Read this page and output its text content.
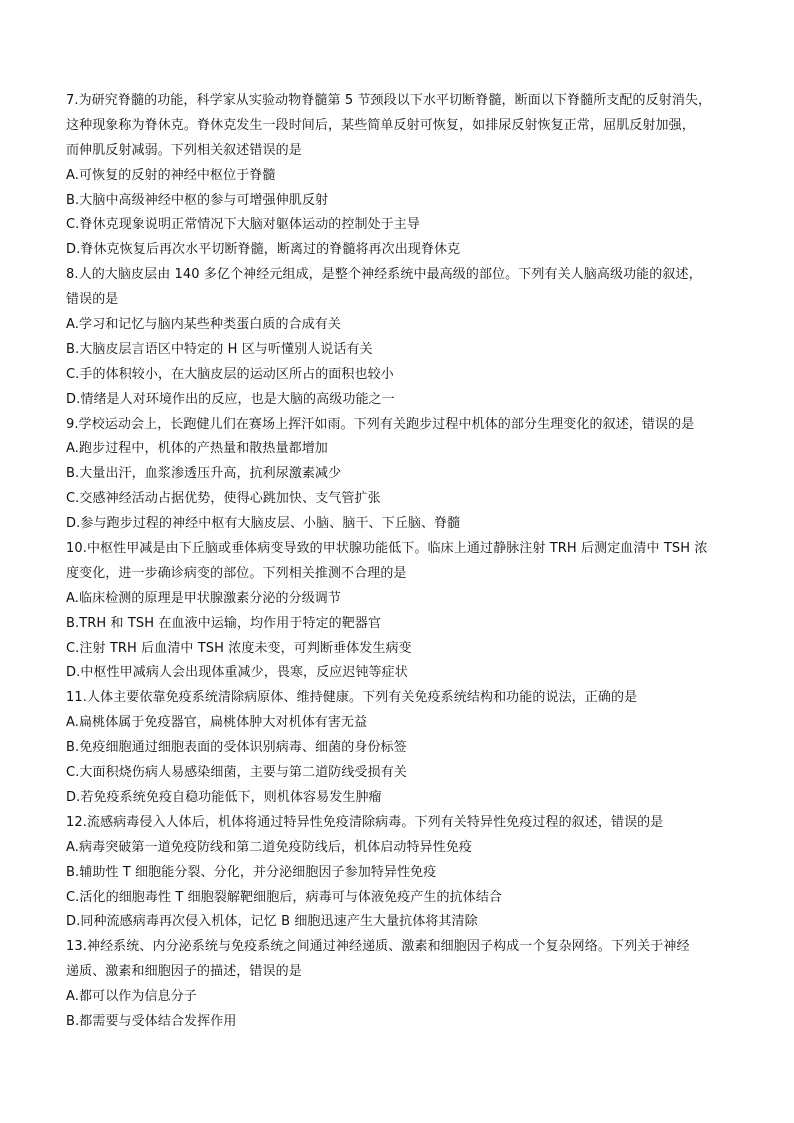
7.为研究脊髓的功能，科学家从实验动物脊髓第 5 节颈段以下水平切断脊髓，断面以下脊髓所支配的反射消失，
这种现象称为脊休克。脊休克发生一段时间后，某些简单反射可恢复，如排尿反射恢复正常，屈肌反射加强，
而伸肌反射减弱。下列相关叙述错误的是
A.可恢复的反射的神经中枢位于脊髓
B.大脑中高级神经中枢的参与可增强伸肌反射
C.脊休克现象说明正常情况下大脑对躯体运动的控制处于主导
D.脊休克恢复后再次水平切断脊髓，断离过的脊髓将再次出现脊休克
8.人的大脑皮层由 140 多亿个神经元组成，是整个神经系统中最高级的部位。下列有关人脑高级功能的叙述，
错误的是
A.学习和记忆与脑内某些种类蛋白质的合成有关
B.大脑皮层言语区中特定的 H 区与听懂别人说话有关
C.手的体积较小，在大脑皮层的运动区所占的面积也较小
D.情绪是人对环境作出的反应，也是大脑的高级功能之一
9.学校运动会上，长跑健儿们在赛场上挥汗如雨。下列有关跑步过程中机体的部分生理变化的叙述，错误的是
A.跑步过程中，机体的产热量和散热量都增加
B.大量出汗，血浆渗透压升高，抗利尿激素减少
C.交感神经活动占据优势，使得心跳加快、支气管扩张
D.参与跑步过程的神经中枢有大脑皮层、小脑、脑干、下丘脑、脊髓
10.中枢性甲减是由下丘脑或垂体病变导致的甲状腺功能低下。临床上通过静脉注射 TRH 后测定血清中 TSH 浓
度变化，进一步确诊病变的部位。下列相关推测不合理的是
A.临床检测的原理是甲状腺激素分泌的分级调节
B.TRH 和 TSH 在血液中运输，均作用于特定的靶器官
C.注射 TRH 后血清中 TSH 浓度未变，可判断垂体发生病变
D.中枢性甲减病人会出现体重减少，畏寒，反应迟钝等症状
11.人体主要依靠免疫系统清除病原体、维持健康。下列有关免疫系统结构和功能的说法，正确的是
A.扁桃体属于免疫器官，扁桃体肿大对机体有害无益
B.免疫细胞通过细胞表面的受体识别病毒、细菌的身份标签
C.大面积烧伤病人易感染细菌，主要与第二道防线受损有关
D.若免疫系统免疫自稳功能低下，则机体容易发生肿瘤
12.流感病毒侵入人体后，机体将通过特异性免疫清除病毒。下列有关特异性免疫过程的叙述，错误的是
A.病毒突破第一道免疫防线和第二道免疫防线后，机体启动特异性免疫
B.辅助性 T 细胞能分裂、分化，并分泌细胞因子参加特异性免疫
C.活化的细胞毒性 T 细胞裂解靶细胞后，病毒可与体液免疫产生的抗体结合
D.同种流感病毒再次侵入机体，记忆 B 细胞迅速产生大量抗体将其清除
13.神经系统、内分泌系统与免疫系统之间通过神经递质、激素和细胞因子构成一个复杂网络。下列关于神经
递质、激素和细胞因子的描述，错误的是
A.都可以作为信息分子
B.都需要与受体结合发挥作用
